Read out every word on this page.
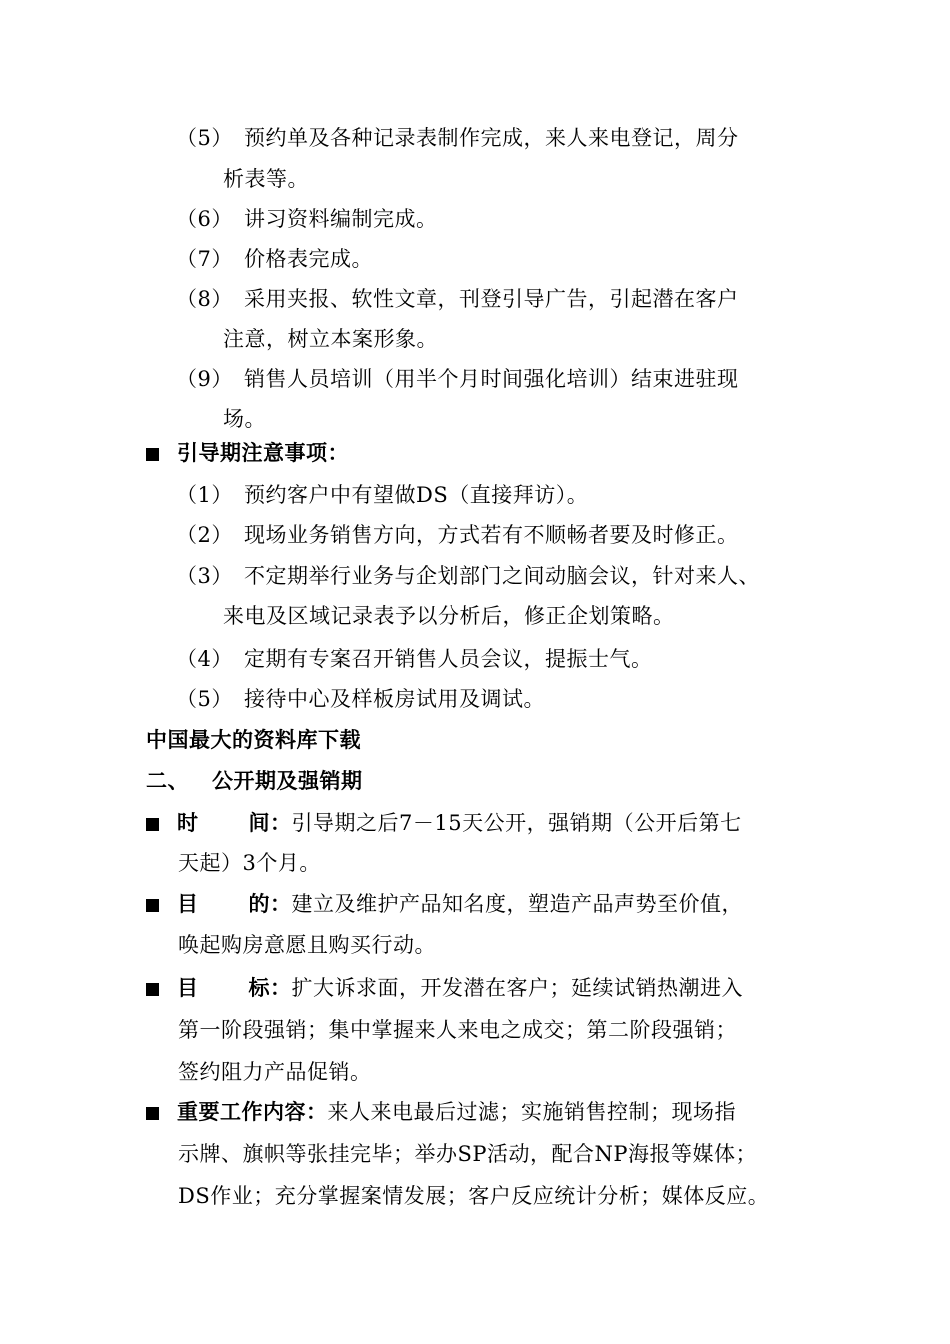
（5） 预约单及各种记录表制作完成，来人来电登记，周分
析表等。
（6） 讲习资料编制完成。
（7） 价格表完成。
（8） 采用夹报、软性文章，刊登引导广告，引起潜在客户
注意，树立本案形象。
（9） 销售人员培训（用半个月时间强化培训）结束进驻现
场。
引导期注意事项：
（1） 预约客户中有望做DS（直接拜访）。
（2） 现场业务销售方向，方式若有不顺畅者要及时修正。
（3） 不定期举行业务与企划部门之间动脑会议，针对来人、
来电及区域记录表予以分析后，修正企划策略。
（4） 定期有专案召开销售人员会议，提振士气。
（5） 接待中心及样板房试用及调试。
中国最大的资料库下载
二、 公开期及强销期
时 间：引导期之后7－15天公开，强销期（公开后第七
天起）3个月。
目 的：建立及维护产品知名度，塑造产品声势至价值，
唤起购房意愿且购买行动。
目 标：扩大诉求面，开发潜在客户；延续试销热潮进入
第一阶段强销；集中掌握来人来电之成交；第二阶段强销；
签约阻力产品促销。
重要工作内容：来人来电最后过滤；实施销售控制；现场指
示牌、旗帜等张挂完毕；举办SP活动，配合NP海报等媒体；
DS作业；充分掌握案情发展；客户反应统计分析；媒体反应。
